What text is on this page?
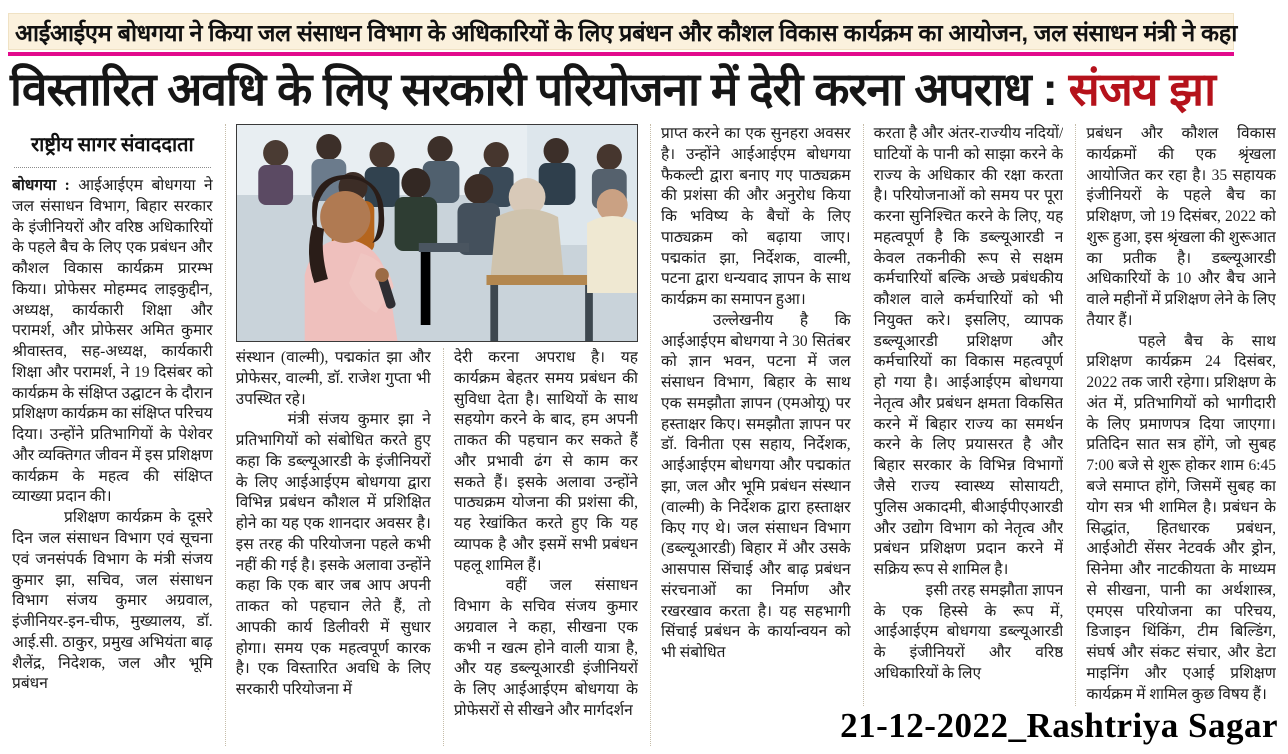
आईआईएम बोधगया ने किया जल संसाधन विभाग के अधिकारियों के लिए प्रबंधन और कौशल विकास कार्यक्रम का आयोजन, जल संसाधन मंत्री ने कहा
विस्तारित अवधि के लिए सरकारी परियोजना में देरी करना अपराध : संजय झा
राष्ट्रीय सागर संवाददाता

बोधगया : आईआईएम बोधगया ने जल संसाधन विभाग, बिहार सरकार के इंजीनियरों और वरिष्ठ अधिकारियों के पहले बैच के लिए एक प्रबंधन और कौशल विकास कार्यक्रम प्रारम्भ किया। प्रोफेसर मोहम्मद लाइकुद्दीन, अध्यक्ष, कार्यकारी शिक्षा और परामर्श, और प्रोफेसर अमित कुमार श्रीवास्तव, सह-अध्यक्ष, कार्यकारी शिक्षा और परामर्श, ने 19 दिसंबर को कार्यक्रम के संक्षिप्त उद्घाटन के दौरान प्रशिक्षण कार्यक्रम का संक्षिप्त परिचय दिया। उन्होंने प्रतिभागियों के पेशेवर और व्यक्तिगत जीवन में इस प्रशिक्षण कार्यक्रम के महत्व की संक्षिप्त व्याख्या प्रदान की।

प्रशिक्षण कार्यक्रम के दूसरे दिन जल संसाधन विभाग एवं सूचना एवं जनसंपर्क विभाग के मंत्री संजय कुमार झा, सचिव, जल संसाधन विभाग संजय कुमार अग्रवाल, इंजीनियर-इन-चीफ, मुख्यालय, डॉ. आई.सी. ठाकुर, प्रमुख अभियंता बाढ़ शैलेंद्र, निदेशक, जल और भूमि प्रबंधन

संस्थान (वाल्मी), पद्मकांत झा और प्रोफेसर, वाल्मी, डॉ. राजेश गुप्ता भी उपस्थित रहे।

मंत्री संजय कुमार झा ने प्रतिभागियों को संबोधित करते हुए कहा कि डब्ल्यूआरडी के इंजीनियरों के लिए आईआईएम बोधगया द्वारा विभिन्न प्रबंधन कौशल में प्रशिक्षित होने का यह एक शानदार अवसर है। इस तरह की परियोजना पहले कभी नहीं की गई है। इसके अलावा उन्होंने कहा कि एक बार जब आप अपनी ताकत को पहचान लेते हैं, तो आपकी कार्य डिलीवरी में सुधार होगा। समय एक महत्वपूर्ण कारक है। एक विस्तारित अवधि के लिए सरकारी परियोजना में

देरी करना अपराध है। यह कार्यक्रम बेहतर समय प्रबंधन की सुविधा देता है। साथियों के साथ सहयोग करने के बाद, हम अपनी ताकत की पहचान कर सकते हैं और प्रभावी ढंग से काम कर सकते हैं। इसके अलावा उन्होंने पाठ्यक्रम योजना की प्रशंसा की, यह रेखांकित करते हुए कि यह व्यापक है और इसमें सभी प्रबंधन पहलू शामिल हैं।

वहीं जल संसाधन विभाग के सचिव संजय कुमार अग्रवाल ने कहा, सीखना एक कभी न खत्म होने वाली यात्रा है, और यह डब्ल्यूआरडी इंजीनियरों के लिए आईआईएम बोधगया के प्रोफेसरों से सीखने और मार्गदर्शन

प्राप्त करने का एक सुनहरा अवसर है। उन्होंने आईआईएम बोधगया फैकल्टी द्वारा बनाए गए पाठ्यक्रम की प्रशंसा की और अनुरोध किया कि भविष्य के बैचों के लिए पाठ्यक्रम को बढ़ाया जाए। पद्मकांत झा, निर्देशक, वाल्मी, पटना द्वारा धन्यवाद ज्ञापन के साथ कार्यक्रम का समापन हुआ।

उल्लेखनीय है कि आईआईएम बोधगया ने 30 सितंबर को ज्ञान भवन, पटना में जल संसाधन विभाग, बिहार के साथ एक समझौता ज्ञापन (एमओयू) पर हस्ताक्षर किए। समझौता ज्ञापन पर डॉ. विनीता एस सहाय, निर्देशक, आईआईएम बोधगया और पद्मकांत झा, जल और भूमि प्रबंधन संस्थान (वाल्मी) के निर्देशक द्वारा हस्ताक्षर किए गए थे। जल संसाधन विभाग (डब्ल्यूआरडी) बिहार में और उसके आसपास सिंचाई और बाढ़ प्रबंधन संरचनाओं का निर्माण और रखरखाव करता है। यह सहभागी सिंचाई प्रबंधन के कार्यान्वयन को भी संबोधित

करता है और अंतर-राज्यीय नदियों/घाटियों के पानी को साझा करने के राज्य के अधिकार की रक्षा करता है। परियोजनाओं को समय पर पूरा करना सुनिश्चित करने के लिए, यह महत्वपूर्ण है कि डब्ल्यूआरडी न केवल तकनीकी रूप से सक्षम कर्मचारियों बल्कि अच्छे प्रबंधकीय कौशल वाले कर्मचारियों को भी नियुक्त करे। इसलिए, व्यापक डब्ल्यूआरडी प्रशिक्षण और कर्मचारियों का विकास महत्वपूर्ण हो गया है। आईआईएम बोधगया नेतृत्व और प्रबंधन क्षमता विकसित करने में बिहार राज्य का समर्थन करने के लिए प्रयासरत है और बिहार सरकार के विभिन्न विभागों जैसे राज्य स्वास्थ्य सोसायटी, पुलिस अकादमी, बीआईपीएआरडी और उद्योग विभाग को नेतृत्व और प्रबंधन प्रशिक्षण प्रदान करने में सक्रिय रूप से शामिल है।

इसी तरह समझौता ज्ञापन के एक हिस्से के रूप में, आईआईएम बोधगया डब्ल्यूआरडी के इंजीनियरों और वरिष्ठ अधिकारियों के लिए

प्रबंधन और कौशल विकास कार्यक्रमों की एक श्रृंखला आयोजित कर रहा है। 35 सहायक इंजीनियरों के पहले बैच का प्रशिक्षण, जो 19 दिसंबर, 2022 को शुरू हुआ, इस श्रृंखला की शुरूआत का प्रतीक है। डब्ल्यूआरडी अधिकारियों के 10 और बैच आने वाले महीनों में प्रशिक्षण लेने के लिए तैयार हैं।

पहले बैच के साथ प्रशिक्षण कार्यक्रम 24 दिसंबर, 2022 तक जारी रहेगा। प्रशिक्षण के अंत में, प्रतिभागियों को भागीदारी के लिए प्रमाणपत्र दिया जाएगा। प्रतिदिन सात सत्र होंगे, जो सुबह 7:00 बजे से शुरू होकर शाम 6:45 बजे समाप्त होंगे, जिसमें सुबह का योग सत्र भी शामिल है। प्रबंधन के सिद्धांत, हितधारक प्रबंधन, आईओटी सेंसर नेटवर्क और ड्रोन, सिनेमा और नाटकीयता के माध्यम से सीखना, पानी का अर्थशास्त्र, एमएस परियोजना का परिचय, डिजाइन थिंकिंग, टीम बिल्डिंग, संघर्ष और संकट संचार, और डेटा माइनिंग और एआई प्रशिक्षण कार्यक्रम में शामिल कुछ विषय हैं।

21-12-2022_Rashtriya Sagar
